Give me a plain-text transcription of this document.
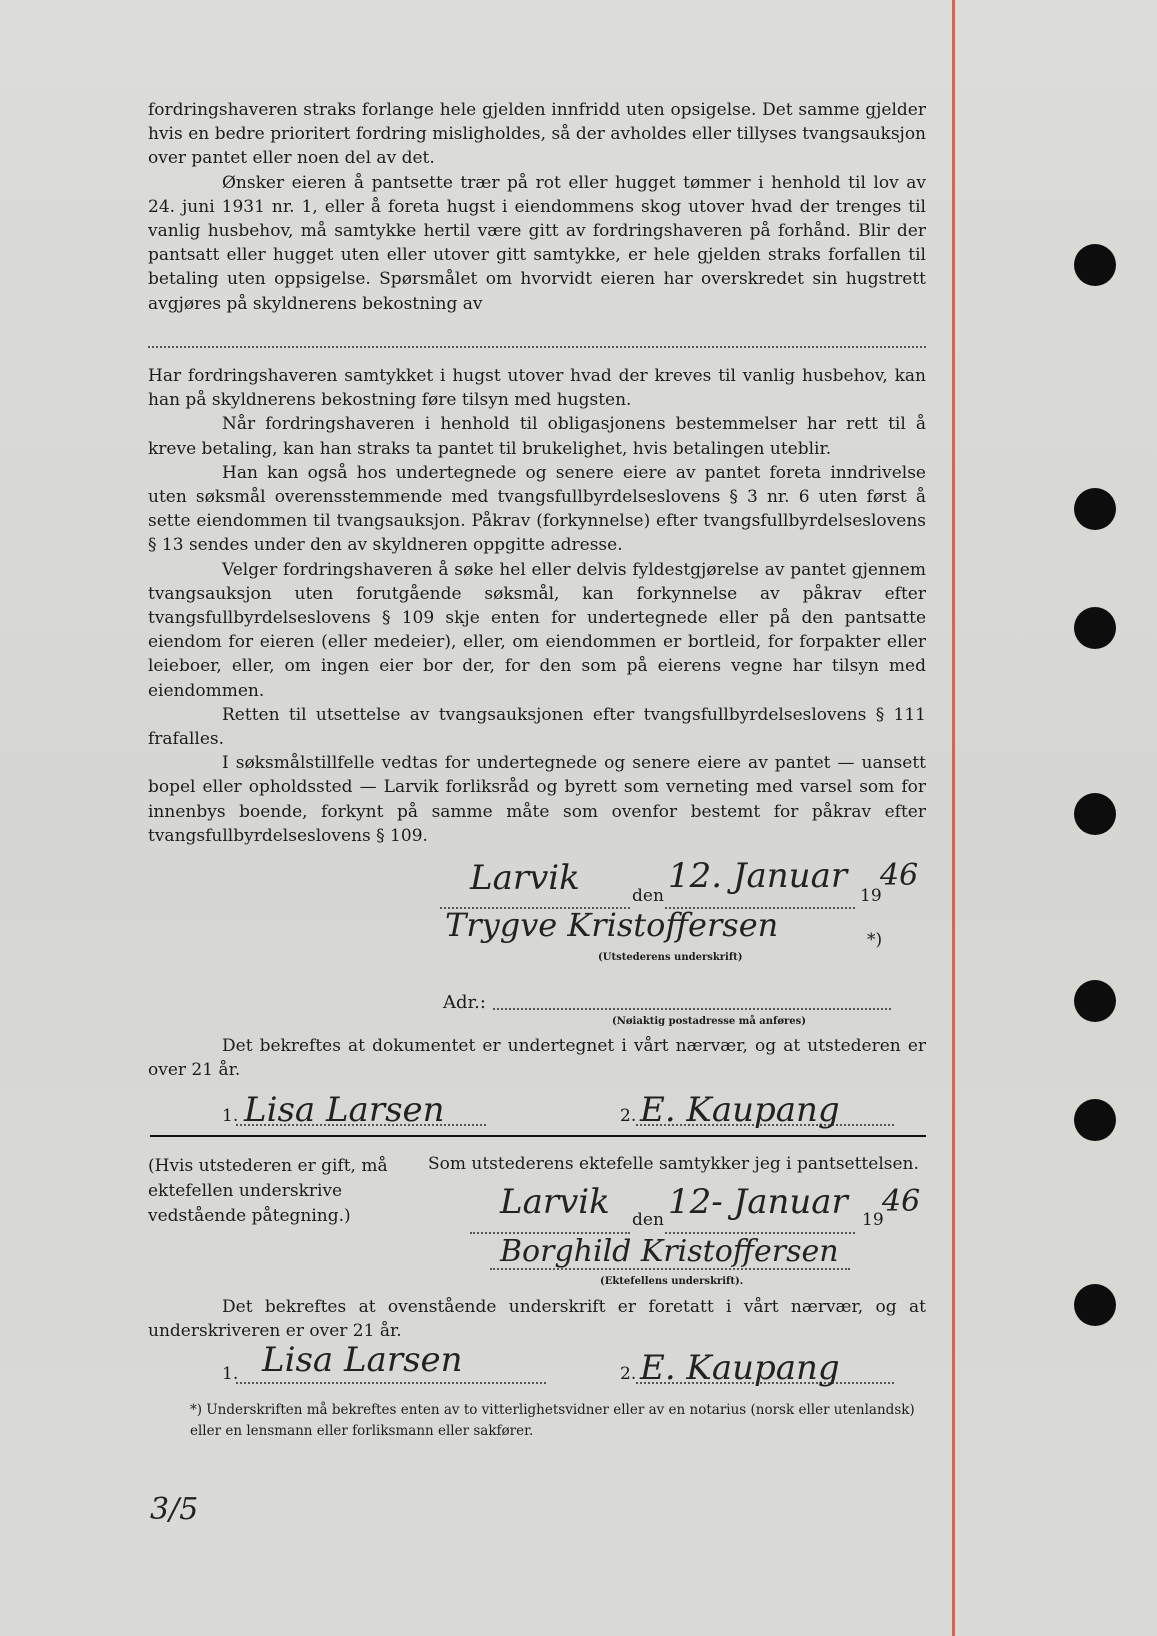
fordringshaveren straks forlange hele gjelden innfridd uten opsigelse. Det samme gjelder hvis en bedre prioritert fordring misligholdes, så der avholdes eller tillyses tvangsauksjon over pantet eller noen del av det.

Ønsker eieren å pantsette trær på rot eller hugget tømmer i henhold til lov av 24. juni 1931 nr. 1, eller å foreta hugst i eiendommens skog utover hvad der trenges til vanlig husbehov, må samtykke hertil være gitt av fordringshaveren på forhånd. Blir der pantsatt eller hugget uten eller utover gitt samtykke, er hele gjelden straks forfallen til betaling uten oppsigelse. Spørsmålet om hvorvidt eieren har overskredet sin hugstrett avgjøres på skyldnerens bekostning av

Har fordringshaveren samtykket i hugst utover hvad der kreves til vanlig husbehov, kan han på skyldnerens bekostning føre tilsyn med hugsten.

Når fordringshaveren i henhold til obligasjonens bestemmelser har rett til å kreve betaling, kan han straks ta pantet til brukelighet, hvis betalingen uteblir.

Han kan også hos undertegnede og senere eiere av pantet foreta inndrivelse uten søksmål overensstemmende med tvangsfullbyrdelseslovens § 3 nr. 6 uten først å sette eiendommen til tvangsauksjon. Påkrav (forkynnelse) efter tvangsfullbyrdelseslovens § 13 sendes under den av skyldneren oppgitte adresse.

Velger fordringshaveren å søke hel eller delvis fyldestgjørelse av pantet gjennem tvangsauksjon uten forutgående søksmål, kan forkynnelse av påkrav efter tvangsfullbyrdelseslovens § 109 skje enten for undertegnede eller på den pantsatte eiendom for eieren (eller medeier), eller, om eiendommen er bortleid, for forpakter eller leieboer, eller, om ingen eier bor der, for den som på eierens vegne har tilsyn med eiendommen.

Retten til utsettelse av tvangsauksjonen efter tvangsfullbyrdelseslovens § 111 frafalles.

I søksmålstillfelle vedtas for undertegnede og senere eiere av pantet — uansett bopel eller opholdssted — Larvik forliksråd og byrett som verneting med varsel som for innenbys boende, forkynt på samme måte som ovenfor bestemt for påkrav efter tvangsfullbyrdelseslovens § 109.

Larvik	den 12. Januar 19
46
Trygve Kristoffersen	*)
(Utstederens underskrift)
Adr.:
(Nøiaktig postadresse må anføres)
Det bekreftes at dokumentet er undertegnet i vårt nærvær, og at utstederen er over 21 år.
1. Lisa Larsen	2. E. Kaupang
(Hvis utstederen er gift, må ektefellen underskrive vedstående påtegning.)
Som utstederens ektefelle samtykker jeg i pantsettelsen.
Larvik den 12- Januar 19
46
Borghild Kristoffersen
(Ektefellens underskrift).
Det bekreftes at ovenstående underskrift er foretatt i vårt nærvær, og at underskriveren er over 21 år.
1. Lisa Larsen	2. E. Kaupang
*) Underskriften må bekreftes enten av to vitterlighetsvidner eller av en notarius (norsk eller utenlandsk) eller en lensmann eller forliksmann eller sakfører.
3/5
